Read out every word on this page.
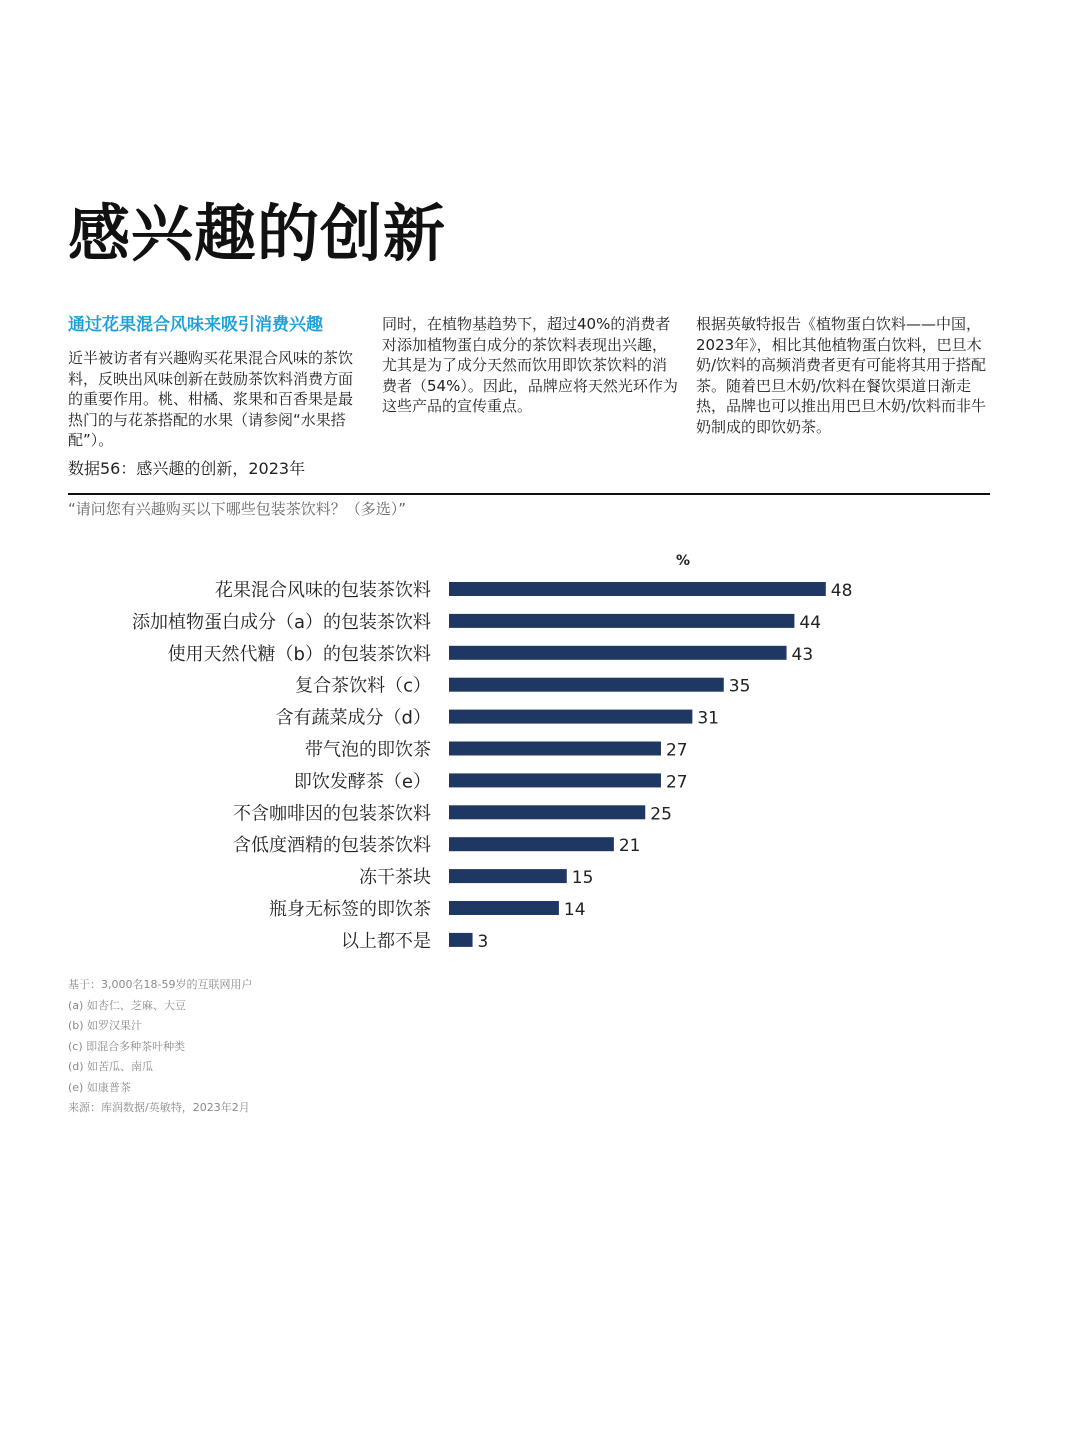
感兴趣的创新
通过花果混合风味来吸引消费兴趣

近半被访者有兴趣购买花果混合风味的茶饮料，反映出风味创新在鼓励茶饮料消费方面的重要作用。桃、柑橘、浆果和百香果是最热门的与花茶搭配的水果（请参阅“水果搭配”）。

同时，在植物基趋势下，超过40%的消费者对添加植物蛋白成分的茶饮料表现出兴趣，尤其是为了成分天然而饮用即饮茶饮料的消费者（54%）。因此，品牌应将天然光环作为这些产品的宣传重点。

根据英敏特报告《植物蛋白饮料——中国，2023年》，相比其他植物蛋白饮料，巴旦木奶/饮料的高频消费者更有可能将其用于搭配茶。随着巴旦木奶/饮料在餐饮渠道日渐走热，品牌也可以推出用巴旦木奶/饮料而非牛奶制成的即饮奶茶。

数据56：感兴趣的创新，2023年
“请问您有兴趣购买以下哪些包装茶饮料？（多选）”
%
花果混合风味的包装茶饮料	48
添加植物蛋白成分（a）的包装茶饮料	44
使用天然代糖（b）的包装茶饮料	43
复合茶饮料（c）	35
含有蔬菜成分（d）	31
带气泡的即饮茶	27
即饮发酵茶（e）	27
不含咖啡因的包装茶饮料	25
含低度酒精的包装茶饮料	21
冻干茶块	15
瓶身无标签的即饮茶	14
以上都不是	3
基于：3,000名18-59岁的互联网用户
(a) 如杏仁、芝麻、大豆
(b) 如罗汉果汁
(c) 即混合多种茶叶种类
(d) 如苦瓜、南瓜
(e) 如康普茶
来源：库润数据/英敏特，2023年2月
